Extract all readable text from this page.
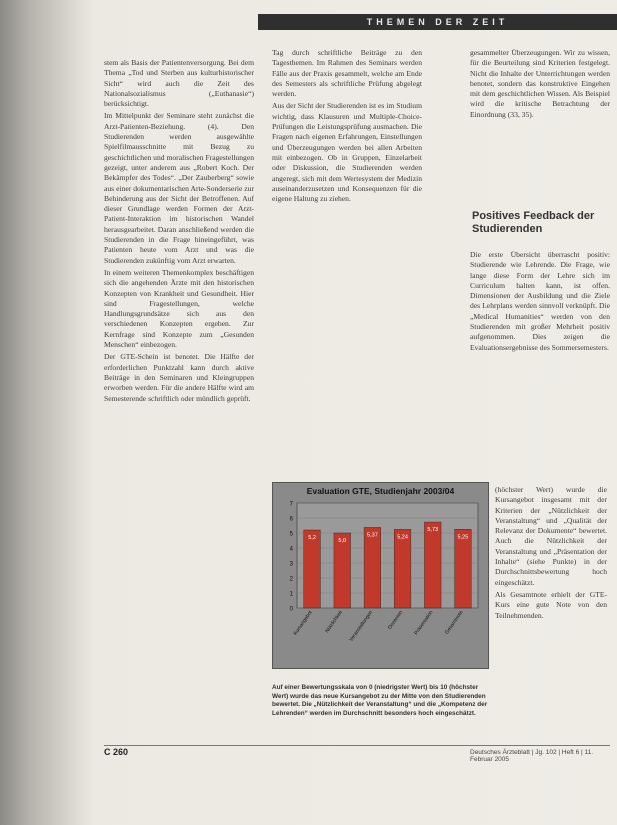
THEMEN DER ZEIT

stem als Basis der Patientenversorgung. Bei dem Thema „Tod und Sterben aus kulturhistorischer Sicht“ wird auch die Zeit des Nationalsozialismus („Euthanasie“) berücksichtigt.

Im Mittelpunkt der Seminare steht zunächst die Arzt-Patienten-Beziehung. (4). Den Studierenden werden ausgewählte Spielfilmausschnitte mit Bezug zu geschichtlichen und moralischen Fragestellungen gezeigt, unter anderem aus „Robert Koch. Der Bekämpfer des Todes“. „Der Zauberberg“ sowie aus einer dokumentarischen Arte-Sonderserie zur Behinderung aus der Sicht der Betroffenen. Auf dieser Grundlage werden Formen der Arzt-Patient-Interaktion im historischen Wandel herausgearbeitet. Daran anschließend werden die Studierenden in die Frage hineingeführt, was Patienten heute vom Arzt und was die Studierenden zukünftig vom Arzt erwarten.

In einem weiteren Themenkomplex beschäftigen sich die angehenden Ärzte mit den historischen Konzepten von Krankheit und Gesundheit. Hier sind Fragestellungen, welche Handlungsgrundsätze sich aus den verschiedenen Konzepten ergeben. Zur Kernfrage sind Konzepte zum „Gesunden Menschen“ einbezogen.

Der GTE-Schein ist benotet. Die Hälfte der erforderlichen Punktzahl kann durch aktive Beiträge in den Seminaren und Kleingruppen erworben werden. Für die andere Hälfte wird am Semesterende schriftlich oder mündlich geprüft.

Tag durch schriftliche Beiträge zu den Tagesthemen. Im Rahmen des Seminars werden Fälle aus der Praxis gesammelt, welche am Ende des Semesters als schriftliche Prüfung abgelegt werden.

Aus der Sicht der Studierenden ist es im Studium wichtig, dass Klausuren und Multiple-Choice-Prüfungen die Leistungsprüfung ausmachen. Die Fragen nach eigenen Erfahrungen, Einstellungen und Überzeugungen werden bei allen Arbeiten mit einbezogen. Ob in Gruppen, Einzelarbeit oder Diskussion, die Studierenden werden angeregt, sich mit dem Wertesystem der Medizin auseinanderzusetzen und Konsequenzen für die eigene Haltung zu ziehen.

gesammelter Überzeugungen. Wir zu wissen, für die Beurteilung sind Kriterien festgelegt. Nicht die Inhalte der Unterrichtungen werden benotet, sondern das konstruktive Eingehen mit dem geschichtlichen Wissen. Als Beispiel wird die kritische Betrachtung der Einordnung (33, 35).

Positives Feedback der Studierenden

Die erste Übersicht überrascht positiv: Studierende wie Lehrende. Die Frage, wie lange diese Form der Lehre sich im Curriculum halten kann, ist offen. Dimensionen der Ausbildung und die Ziele des Lehrplans werden sinnvoll verknüpft. Die „Medical Humanities“ werden von den Studierenden mit großer Mehrheit positiv aufgenommen. Dies zeigen die Evaluationsergebnisse des Sommersemesters.

(höchster Wert) wurde die Kursangebot insgesamt mit der Kriterien der „Nützlichkeit der Veranstaltung“ und „Qualität der Relevanz der Dokumente“ bewertet. Auch die Nützlichkeit der Veranstaltung und „Präsentation der Inhalte“ (siehe Punkte) in der Durchschnittsbewertung hoch eingeschätzt.

Als Gesamtnote erhielt der GTE-Kurs eine gute Note von den Teilnehmenden.

Evaluation GTE, Studienjahr 2003/04
0
1
2
3
4
5
6
7
5,2
Kursangebot
5,0
Nützlichkeit
5,37
Veranstaltungen
5,24
Dozenten
5,73
Präsentation
5,25
Gesamtnote
Auf einer Bewertungsskala von 0 (niedrigster Wert) bis 10 (höchster Wert) wurde das neue Kursangebot zu der Mitte von den Studierenden bewertet. Die „Nützlichkeit der Veranstaltung“ und die „Kompetenz der Lehrenden“ werden im Durchschnitt besonders hoch eingeschätzt.
C 260	Deutsches Ärzteblatt | Jg. 102 | Heft 6 | 11. Februar 2005
